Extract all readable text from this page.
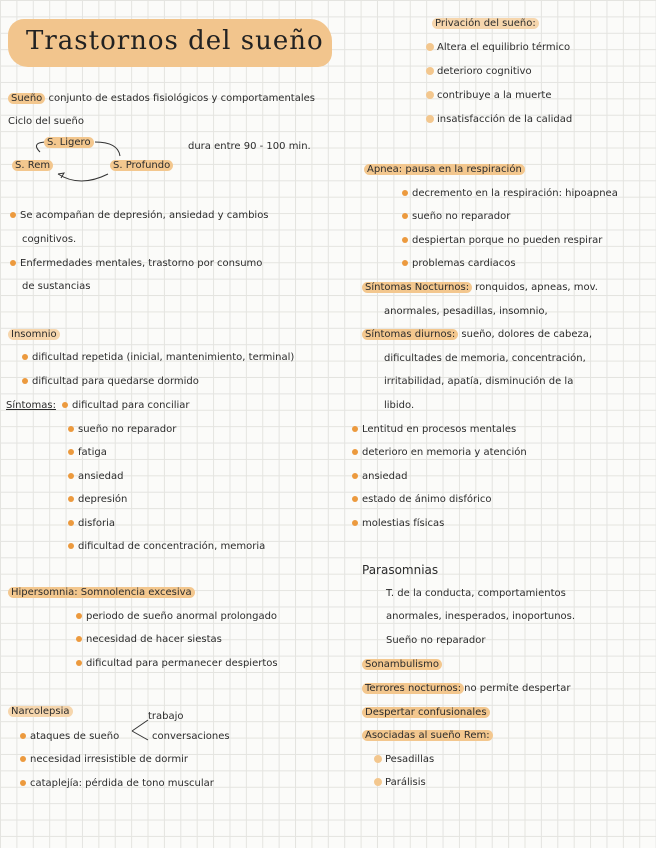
Trastornos del sueño
Privación del sueño:
Altera el equilibrio térmico
deterioro cognitivo
contribuye a la muerte
insatisfacción de la calidad
Sueño conjunto de estados fisiológicos y comportamentales
Ciclo del sueño
S. Ligero
S. Rem	S. Profundo
dura entre 90 - 100 min.
Se acompañan de depresión, ansiedad y cambios
cognitivos.
Enfermedades mentales, trastorno por consumo
de sustancias
Insomnio
dificultad repetida (inicial, mantenimiento, terminal)
dificultad para quedarse dormido
Síntomas:	dificultad para conciliar
sueño no reparador
fatiga
ansiedad
depresión
disforia
dificultad de concentración, memoria
Apnea: pausa en la respiración
decremento en la respiración: hipoapnea
sueño no reparador
despiertan porque no pueden respirar
problemas cardiacos
Síntomas Nocturnos: ronquidos, apneas, mov.
anormales, pesadillas, insomnio,
Síntomas diurnos: sueño, dolores de cabeza,
dificultades de memoria, concentración,
irritabilidad, apatía, disminución de la
libido.
Lentitud en procesos mentales
deterioro en memoria y atención
ansiedad
estado de ánimo disfórico
molestias físicas
Hipersomnia: Somnolencia excesiva
periodo de sueño anormal prolongado
necesidad de hacer siestas
dificultad para permanecer despiertos
Narcolepsia	trabajo
ataques de sueño	conversaciones
necesidad irresistible de dormir
cataplejía: pérdida de tono muscular
Parasomnias
T. de la conducta, comportamientos
anormales, inesperados, inoportunos.
Sueño no reparador
Sonambulismo
Terrores nocturnos: no permite despertar
Despertar confusionales
Asociadas al sueño Rem:
Pesadillas
Parálisis
